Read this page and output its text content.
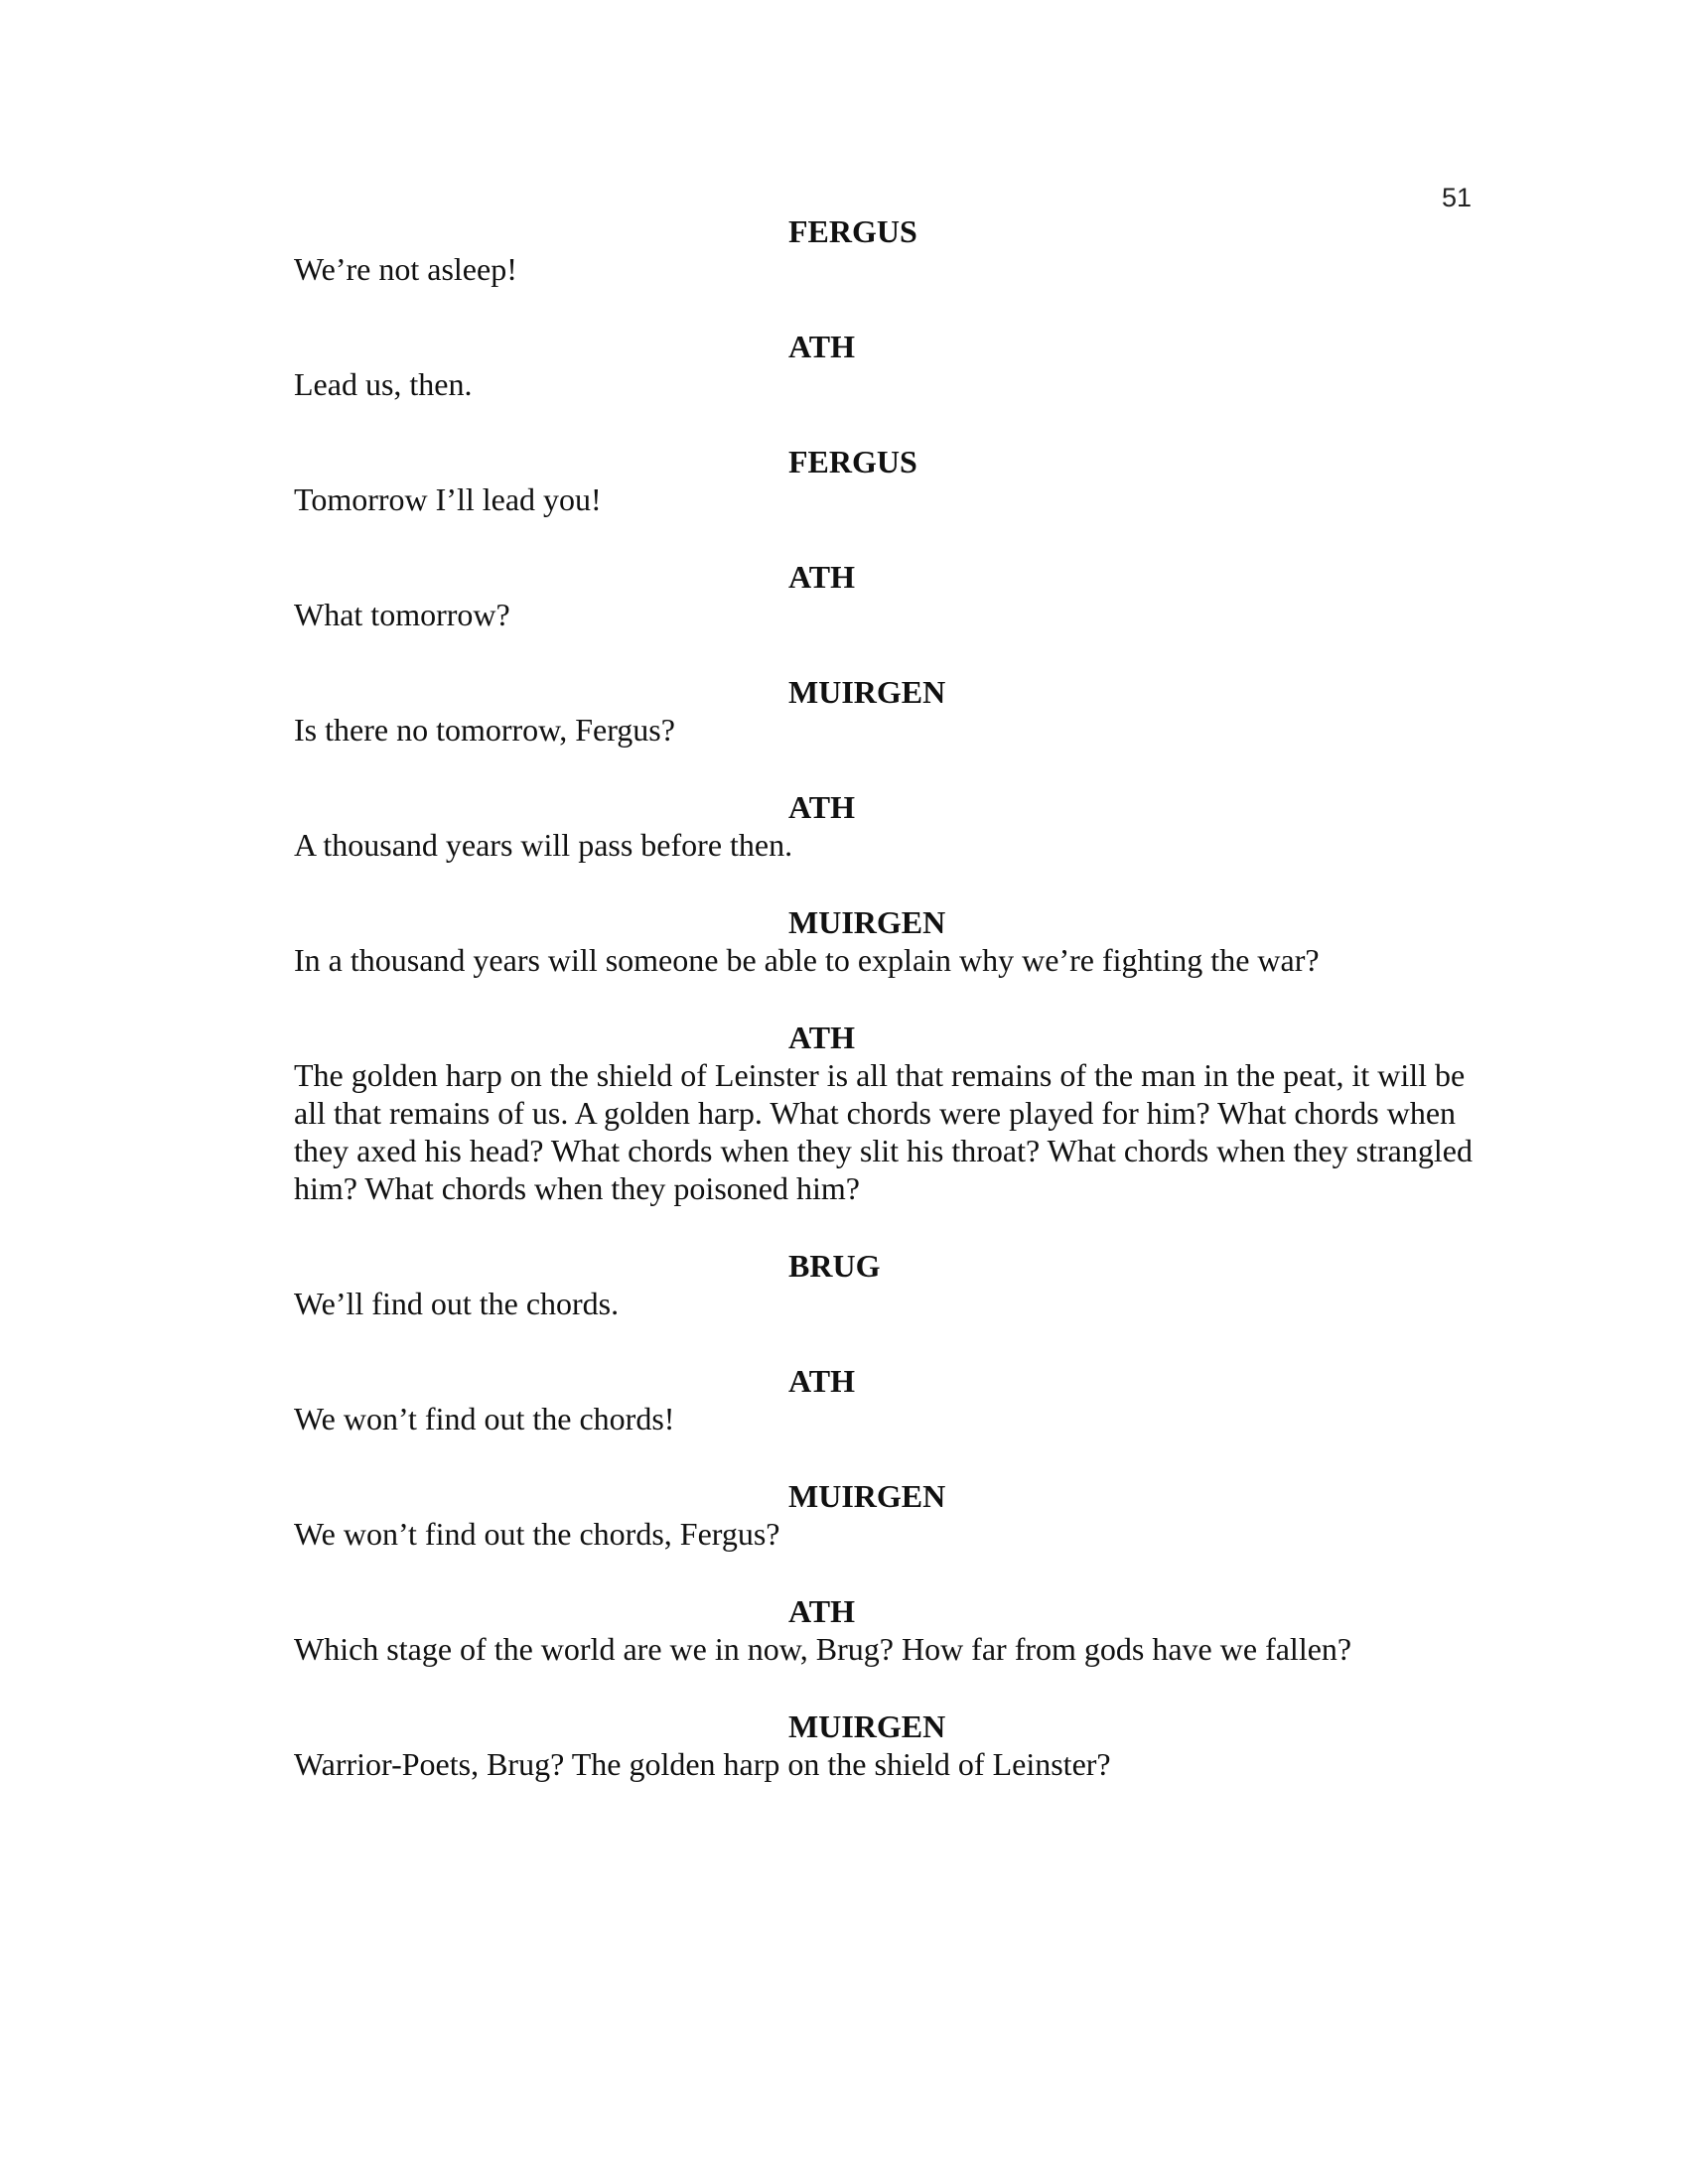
51
FERGUS
We’re not asleep!
ATH
Lead us, then.
FERGUS
Tomorrow I’ll lead you!
ATH
What tomorrow?
MUIRGEN
Is there no tomorrow, Fergus?
ATH
A thousand years will pass before then.
MUIRGEN
In a thousand years will someone be able to explain why we’re fighting the war?
ATH
The golden harp on the shield of Leinster is all that remains of the man in the peat, it will be all that remains of us. A golden harp. What chords were played for him? What chords when they axed his head? What chords when they slit his throat? What chords when they strangled him? What chords when they poisoned him?
BRUG
We’ll find out the chords.
ATH
We won’t find out the chords!
MUIRGEN
We won’t find out the chords, Fergus?
ATH
Which stage of the world are we in now, Brug? How far from gods have we fallen?
MUIRGEN
Warrior-Poets, Brug? The golden harp on the shield of Leinster?
